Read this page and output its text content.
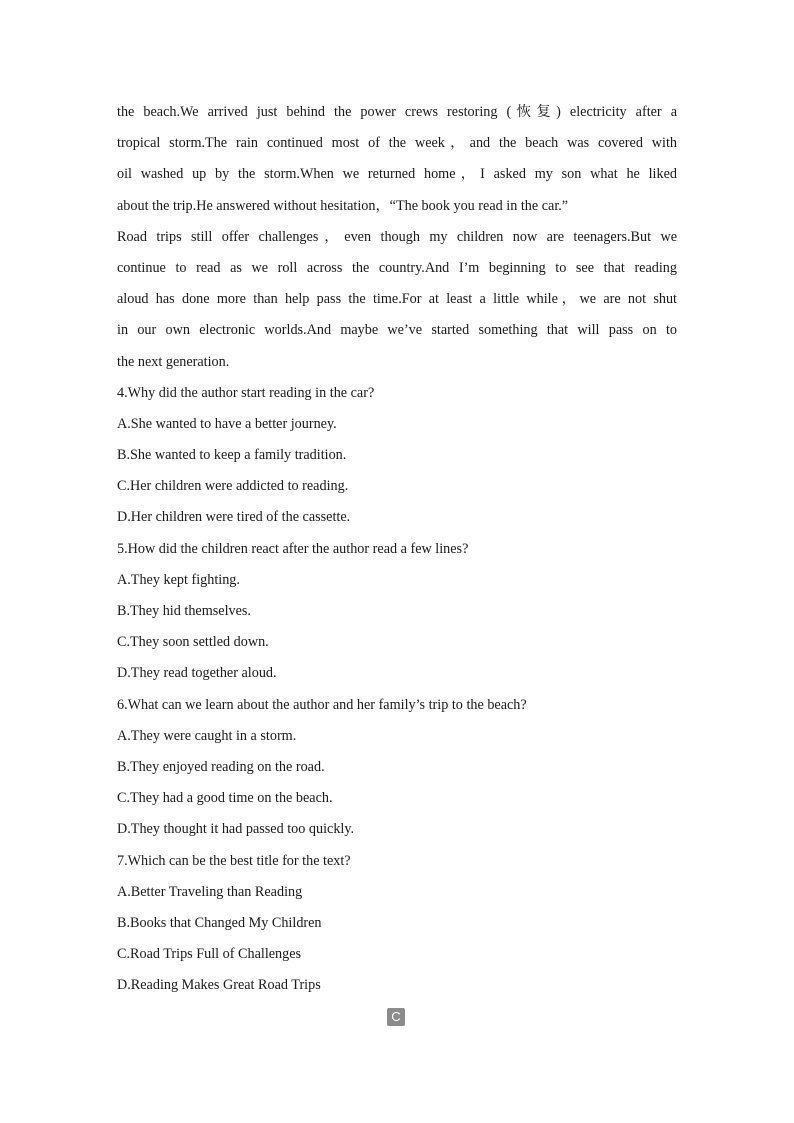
the beach.We arrived just behind the power crews restoring (恢复) electricity after a
tropical storm.The rain continued most of the week，and the beach was covered with
oil washed up by the storm.When we returned home，I asked my son what he liked
about the trip.He answered without hesitation，“The book you read in the car.”
Road trips still offer challenges，even though my children now are teenagers.But we
continue to read as we roll across the country.And I’m beginning to see that reading
aloud has done more than help pass the time.For at least a little while，we are not shut
in our own electronic worlds.And maybe we’ve started something that will pass on to
the next generation.
4.Why did the author start reading in the car?
A.She wanted to have a better journey.
B.She wanted to keep a family tradition.
C.Her children were addicted to reading.
D.Her children were tired of the cassette.
5.How did the children react after the author read a few lines?
A.They kept fighting.
B.They hid themselves.
C.They soon settled down.
D.They read together aloud.
6.What can we learn about the author and her family’s trip to the beach?
A.They were caught in a storm.
B.They enjoyed reading on the road.
C.They had a good time on the beach.
D.They thought it had passed too quickly.
7.Which can be the best title for the text?
A.Better Traveling than Reading
B.Books that Changed My Children
C.Road Trips Full of Challenges
D.Reading Makes Great Road Trips
C
